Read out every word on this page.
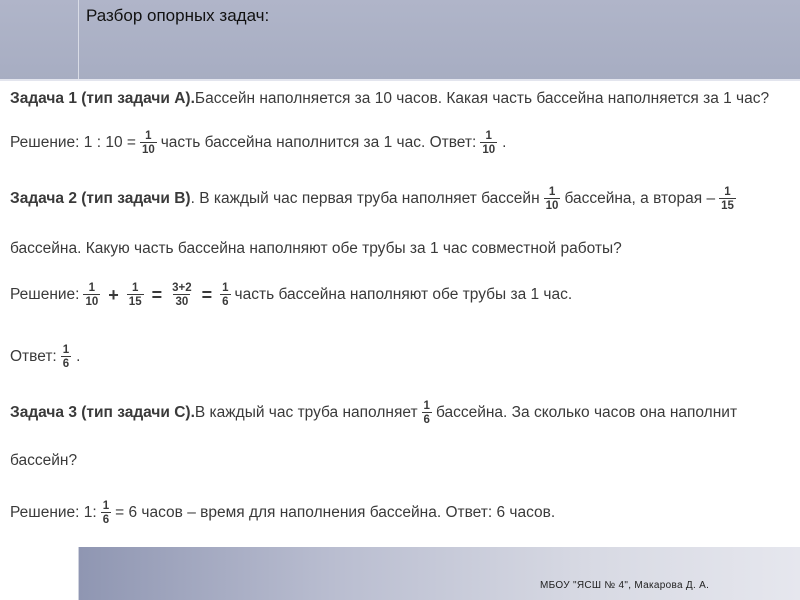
Разбор опорных задач:
Задача 1 (тип задачи А). Бассейн наполняется за 10 часов. Какая часть бассейна наполняется за 1 час?
Решение: 1 : $10 = \frac{1}{10}$ часть бассейна наполнится за 1 час. Ответ: $\frac{1}{10}$ .
Задача 2 (тип задачи В) . В каждый час первая труба наполняет бассейн $\frac{1}{10}$ бассейна, а вторая – $\frac{1}{15}$
бассейна. Какую часть бассейна наполняют обе трубы за 1 час совместной работы?
Решение: $\frac{1}{10} + \frac{1}{15} = \frac{3+2}{30} = \frac{1}{6}$ часть бассейна наполняют обе трубы за 1 час.
Ответ: $\frac{1}{6}$ .
Задача 3 (тип задачи С). В каждый час труба наполняет $\frac{1}{6}$ бассейна. За сколько часов она наполнит
бассейн?
Решение: 1: $\frac{1}{6} = 6$ часов – время для наполнения бассейна. Ответ: 6 часов.
МБОУ "ЯСШ № 4", Макарова Д. А.
